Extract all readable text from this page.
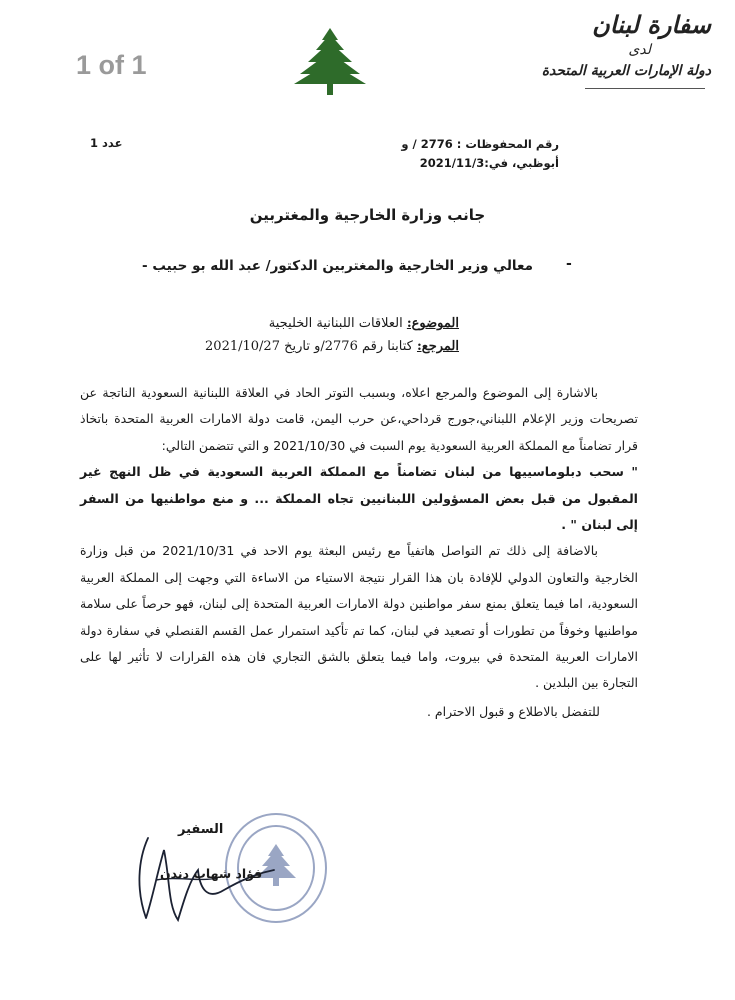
1 of 1
سفارة لبنان
لدى
دولة الإمارات العربية المتحدة
رقم المحفوظات : 2776 / و
أبوظبي، في:2021/11/3
عدد 1
جانب وزارة الخارجية والمغتربين
-
معالي وزير الخارجية والمغتربين الدكتور/ عبد الله بو حبيب -
الموضوع: العلاقات اللبنانية الخليجية
المرجع: كتابنا رقم 2776/و تاريخ 2021/10/27

بالاشارة إلى الموضوع والمرجع اعلاه، وبسبب التوتر الحاد في العلاقة اللبنانية السعودية الناتجة عن تصريحات وزير الإعلام اللبناني،جورج قرداحي،عن حرب اليمن، قامت دولة الامارات العربية المتحدة باتخاذ قرار تضامناً مع المملكة العربية السعودية يوم السبت في 2021/10/30 و التي تتضمن التالي:

" سحب دبلوماسييها من لبنان تضامناً مع المملكة العربية السعودية في ظل النهج غير المقبول من قبل بعض المسؤولين اللبنانيين تجاه المملكة ... و منع مواطنيها من السفر إلى لبنان " .

بالاضافة إلى ذلك تم التواصل هاتفياً مع رئيس البعثة يوم الاحد في 2021/10/31 من قبل وزارة الخارجية والتعاون الدولي للإفادة بان هذا القرار نتيجة الاستياء من الاساءة التي وجهت إلى المملكة العربية السعودية، اما فيما يتعلق بمنع سفر مواطنين دولة الامارات العربية المتحدة إلى لبنان، فهو حرصاً على سلامة مواطنيها وخوفاً من تطورات أو تصعيد في لبنان، كما تم تأكيد استمرار عمل القسم القنصلي في سفارة دولة الامارات العربية المتحدة في بيروت، واما فيما يتعلق بالشق التجاري فان هذه القرارات لا تأثير لها على التجارة بين البلدين .

للتفضل بالاطلاع و قبول الاحترام .

السفير
فؤاد شهاب دندن
